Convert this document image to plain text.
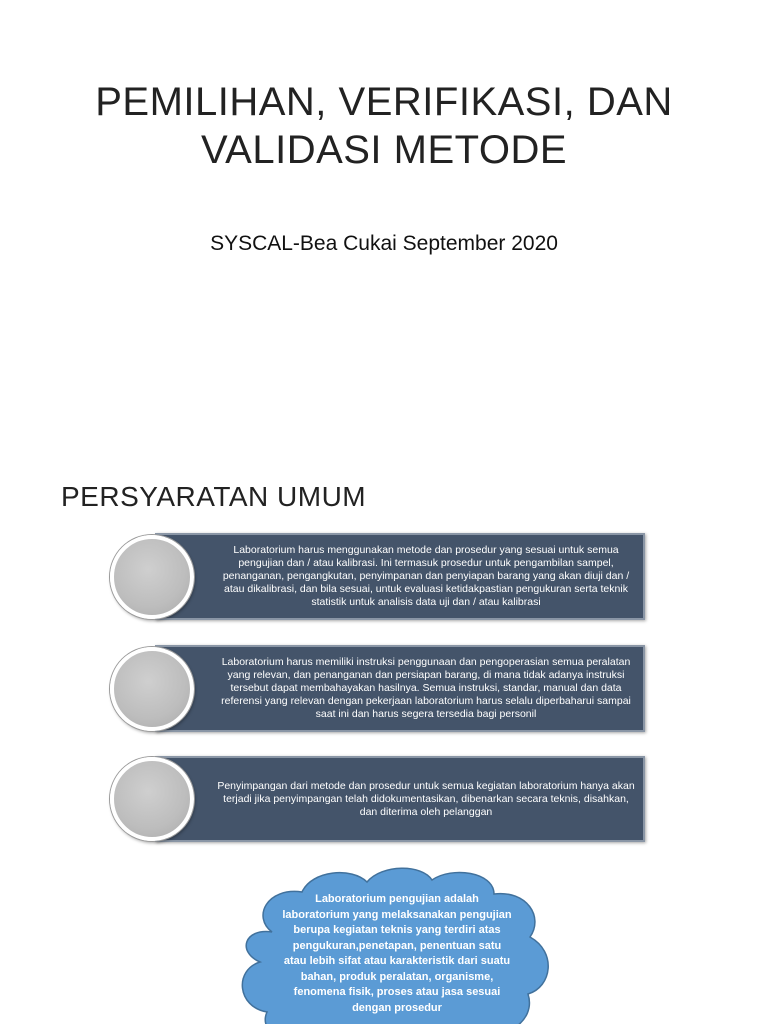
PEMILIHAN, VERIFIKASI, DAN
VALIDASI METODE
SYSCAL-Bea Cukai September 2020
PERSYARATAN UMUM
Laboratorium harus menggunakan metode dan prosedur yang sesuai untuk semua pengujian dan / atau kalibrasi. Ini termasuk prosedur untuk pengambilan sampel, penanganan, pengangkutan, penyimpanan dan penyiapan barang yang akan diuji dan / atau dikalibrasi, dan bila sesuai, untuk evaluasi ketidakpastian pengukuran serta teknik statistik untuk analisis data uji dan / atau kalibrasi
Laboratorium harus memiliki instruksi penggunaan dan pengoperasian semua peralatan yang relevan, dan penanganan dan persiapan barang, di mana tidak adanya instruksi tersebut dapat membahayakan hasilnya. Semua instruksi, standar, manual dan data referensi yang relevan dengan pekerjaan laboratorium harus selalu diperbaharui sampai saat ini dan harus segera tersedia bagi personil
Penyimpangan dari metode dan prosedur untuk semua kegiatan laboratorium hanya akan terjadi jika penyimpangan telah didokumentasikan, dibenarkan secara teknis, disahkan, dan diterima oleh pelanggan
Laboratorium pengujian adalah laboratorium yang melaksanakan pengujian berupa kegiatan teknis yang terdiri atas pengukuran,penetapan, penentuan satu atau lebih sifat atau karakteristik dari suatu bahan, produk peralatan, organisme, fenomena fisik, proses atau jasa sesuai dengan prosedur
